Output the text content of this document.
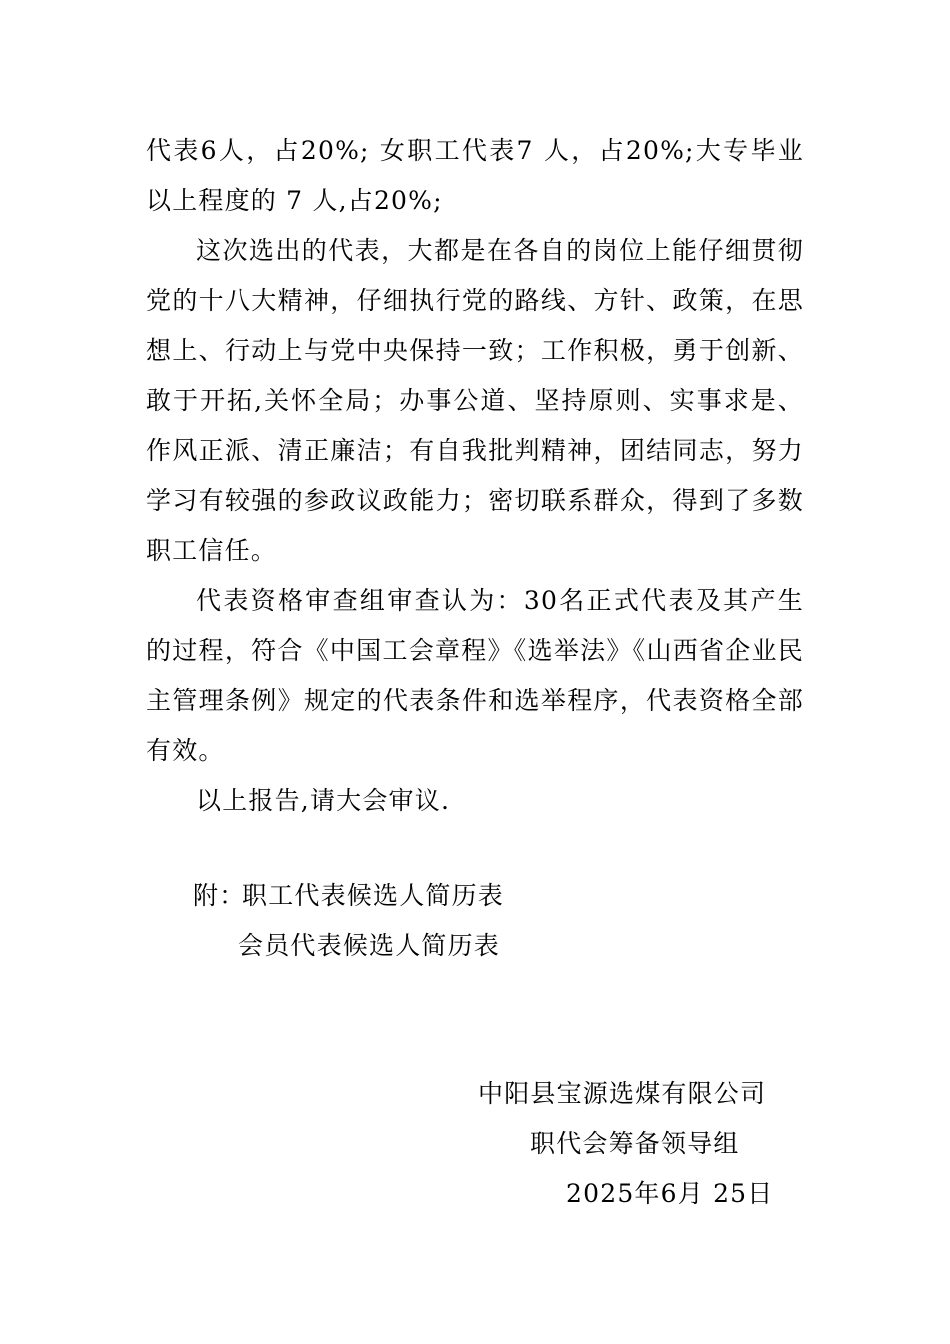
代表6人，占20%; 女职工代表7 人，占20%;大专毕业以上程度的 7 人,占20%;

这次选出的代表，大都是在各自的岗位上能仔细贯彻党的十八大精神，仔细执行党的路线、方针、政策，在思想上、行动上与党中央保持一致；工作积极，勇于创新、敢于开拓,关怀全局；办事公道、坚持原则、实事求是、作风正派、清正廉洁；有自我批判精神，团结同志，努力学习有较强的参政议政能力；密切联系群众，得到了多数职工信任。

代表资格审查组审查认为：30名正式代表及其产生的过程，符合《中国工会章程》《选举法》《山西省企业民主管理条例》规定的代表条件和选举程序，代表资格全部有效。

以上报告,请大会审议.

附：

职工代表候选人简历表

会员代表候选人简历表

中阳县宝源选煤有限公司

职代会筹备领导组

2025年6月 25日
